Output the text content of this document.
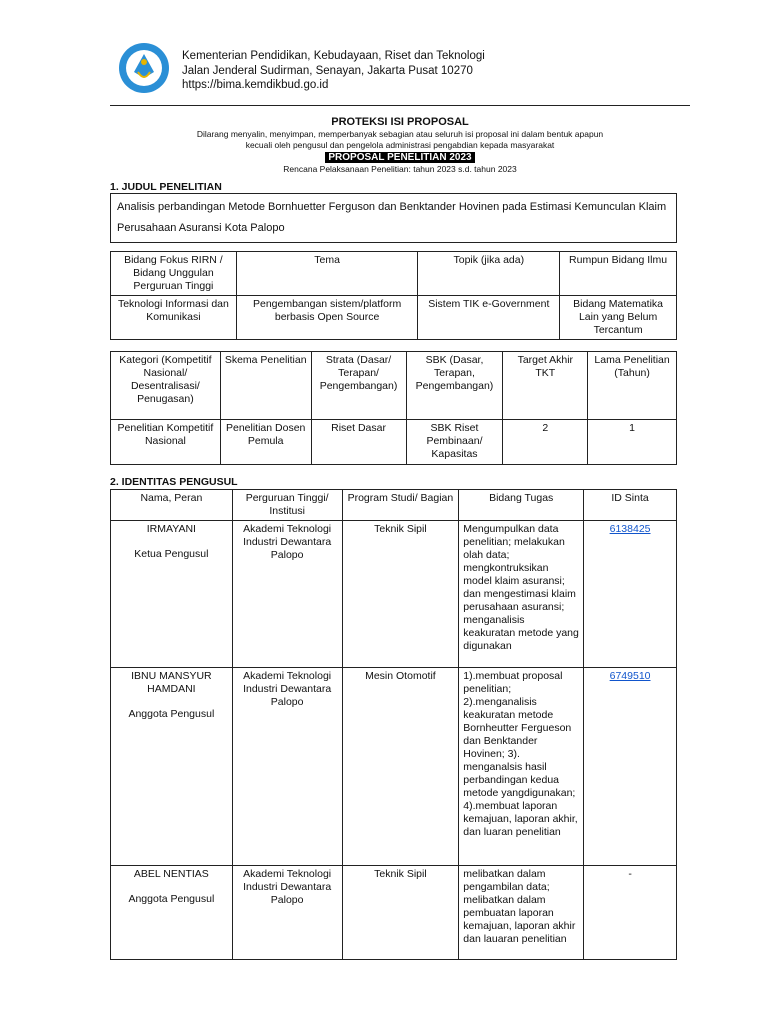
Kementerian Pendidikan, Kebudayaan, Riset dan Teknologi
Jalan Jenderal Sudirman, Senayan, Jakarta Pusat 10270
https://bima.kemdikbud.go.id
PROTEKSI ISI PROPOSAL
Dilarang menyalin, menyimpan, memperbanyak sebagian atau seluruh isi proposal ini dalam bentuk apapun
kecuali oleh pengusul dan pengelola administrasi pengabdian kepada masyarakat
PROPOSAL PENELITIAN 2023
Rencana Pelaksanaan Penelitian: tahun 2023 s.d. tahun 2023
1. JUDUL PENELITIAN
Analisis perbandingan Metode Bornhuetter Ferguson dan Benktander Hovinen pada Estimasi Kemunculan Klaim Perusahaan Asuransi Kota Palopo
Bidang Fokus RIRN / Bidang Unggulan Perguruan Tinggi	Tema	Topik (jika ada)	Rumpun Bidang Ilmu
Teknologi Informasi dan Komunikasi	Pengembangan sistem/platform berbasis Open Source	Sistem TIK e-Government	Bidang Matematika Lain yang Belum Tercantum
Kategori (Kompetitif Nasional/ Desentralisasi/ Penugasan)	Skema Penelitian	Strata (Dasar/ Terapan/ Pengembangan)	SBK (Dasar, Terapan, Pengembangan)	Target Akhir TKT	Lama Penelitian (Tahun)
Penelitian Kompetitif Nasional	Penelitian Dosen Pemula	Riset Dasar	SBK Riset Pembinaan/ Kapasitas	2	1
2. IDENTITAS PENGUSUL
Nama, Peran	Perguruan Tinggi/ Institusi	Program Studi/ Bagian	Bidang Tugas	ID Sinta

IRMAYANI
Ketua Pengusul	Akademi Teknologi Industri Dewantara Palopo	Teknik Sipil	Mengumpulkan data penelitian; melakukan olah data; mengkontruksikan model klaim asuransi; dan mengestimasi klaim perusahaan asuransi; menganalisis keakuratan metode yang digunakan	6138425

IBNU MANSYUR HAMDANI
Anggota Pengusul	Akademi Teknologi Industri Dewantara Palopo	Mesin Otomotif	1).membuat proposal penelitian; 2).menganalisis keakuratan metode Bornheutter Fergueson dan Benktander Hovinen; 3). menganalsis hasil perbandingan kedua metode yangdigunakan; 4).membuat laporan kemajuan, laporan akhir, dan luaran penelitian	6749510

ABEL NENTIAS
Anggota Pengusul	Akademi Teknologi Industri Dewantara Palopo	Teknik Sipil	melibatkan dalam pengambilan data; melibatkan dalam pembuatan laporan kemajuan, laporan akhir dan lauaran penelitian	-
